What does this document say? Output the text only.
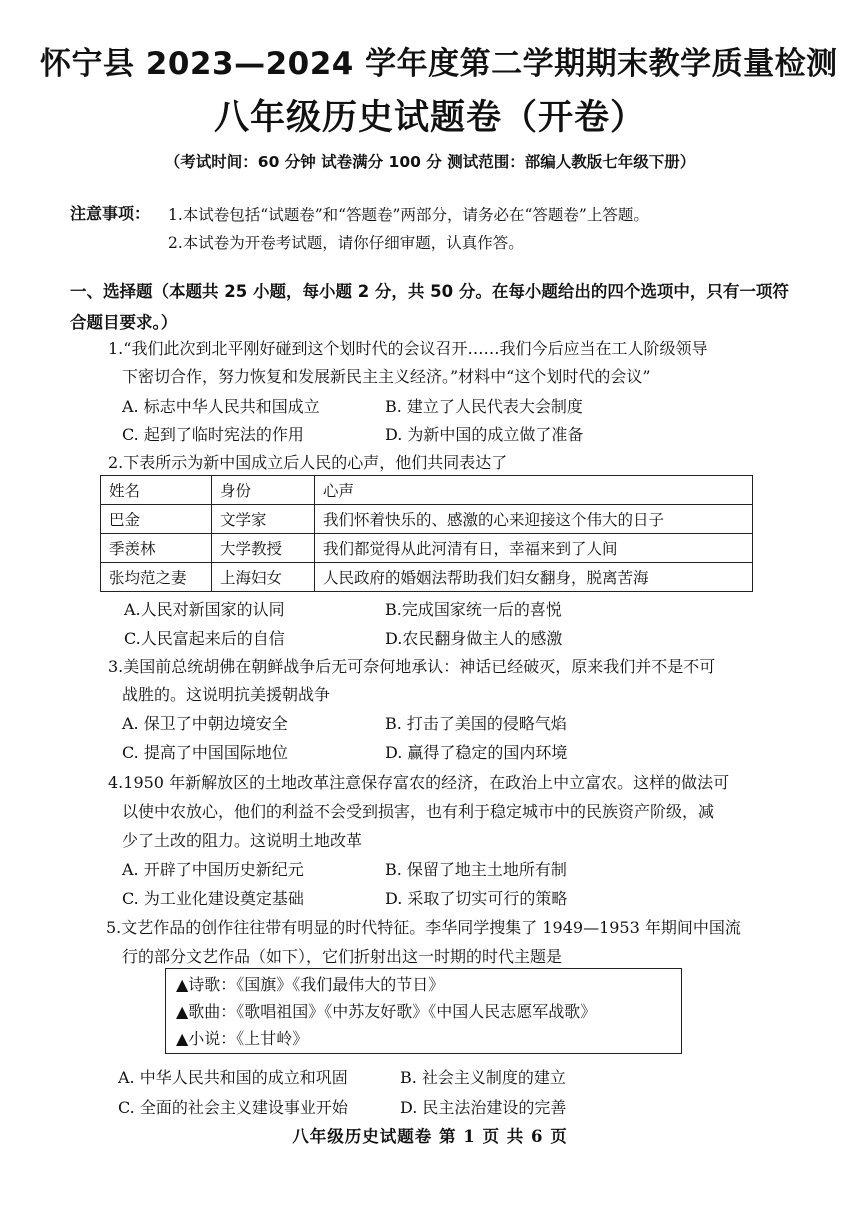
怀宁县 2023—2024 学年度第二学期期末教学质量检测
八年级历史试题卷（开卷）
（考试时间：60 分钟 试卷满分 100 分 测试范围：部编人教版七年级下册）
注意事项： 1.本试卷包括“试题卷”和“答题卷”两部分，请务必在“答题卷”上答题。
2.本试卷为开卷考试题，请你仔细审题，认真作答。
一、选择题（本题共 25 小题，每小题 2 分，共 50 分。在每小题给出的四个选项中，只有一项符合题目要求。）
1.“我们此次到北平刚好碰到这个划时代的会议召开……我们今后应当在工人阶级领导
下密切合作，努力恢复和发展新民主主义经济。”材料中“这个划时代的会议”
A. 标志中华人民共和国成立	B. 建立了人民代表大会制度
C. 起到了临时宪法的作用	D. 为新中国的成立做了准备
2.下表所示为新中国成立后人民的心声，他们共同表达了
姓名	身份	心声
巴金	文学家	我们怀着快乐的、感激的心来迎接这个伟大的日子
季羡林	大学教授	我们都觉得从此河清有日，幸福来到了人间
张均范之妻	上海妇女	人民政府的婚姻法帮助我们妇女翻身，脱离苦海
A.人民对新国家的认同	B.完成国家统一后的喜悦
C.人民富起来后的自信	D.农民翻身做主人的感激
3.美国前总统胡佛在朝鲜战争后无可奈何地承认：神话已经破灭，原来我们并不是不可
战胜的。这说明抗美援朝战争
A. 保卫了中朝边境安全	B. 打击了美国的侵略气焰
C. 提高了中国国际地位	D. 赢得了稳定的国内环境
4.1950 年新解放区的土地改革注意保存富农的经济，在政治上中立富农。这样的做法可
以使中农放心，他们的利益不会受到损害，也有利于稳定城市中的民族资产阶级，减
少了土改的阻力。这说明土地改革
A. 开辟了中国历史新纪元	B. 保留了地主土地所有制
C. 为工业化建设奠定基础	D. 采取了切实可行的策略
5.文艺作品的创作往往带有明显的时代特征。李华同学搜集了 1949—1953 年期间中国流
行的部分文艺作品（如下），它们折射出这一时期的时代主题是
▲诗歌：《国旗》《我们最伟大的节日》
▲歌曲：《歌唱祖国》《中苏友好歌》《中国人民志愿军战歌》
▲小说：《上甘岭》
A. 中华人民共和国的成立和巩固	B. 社会主义制度的建立
C. 全面的社会主义建设事业开始	D. 民主法治建设的完善
八年级历史试题卷 第 1 页 共 6 页
